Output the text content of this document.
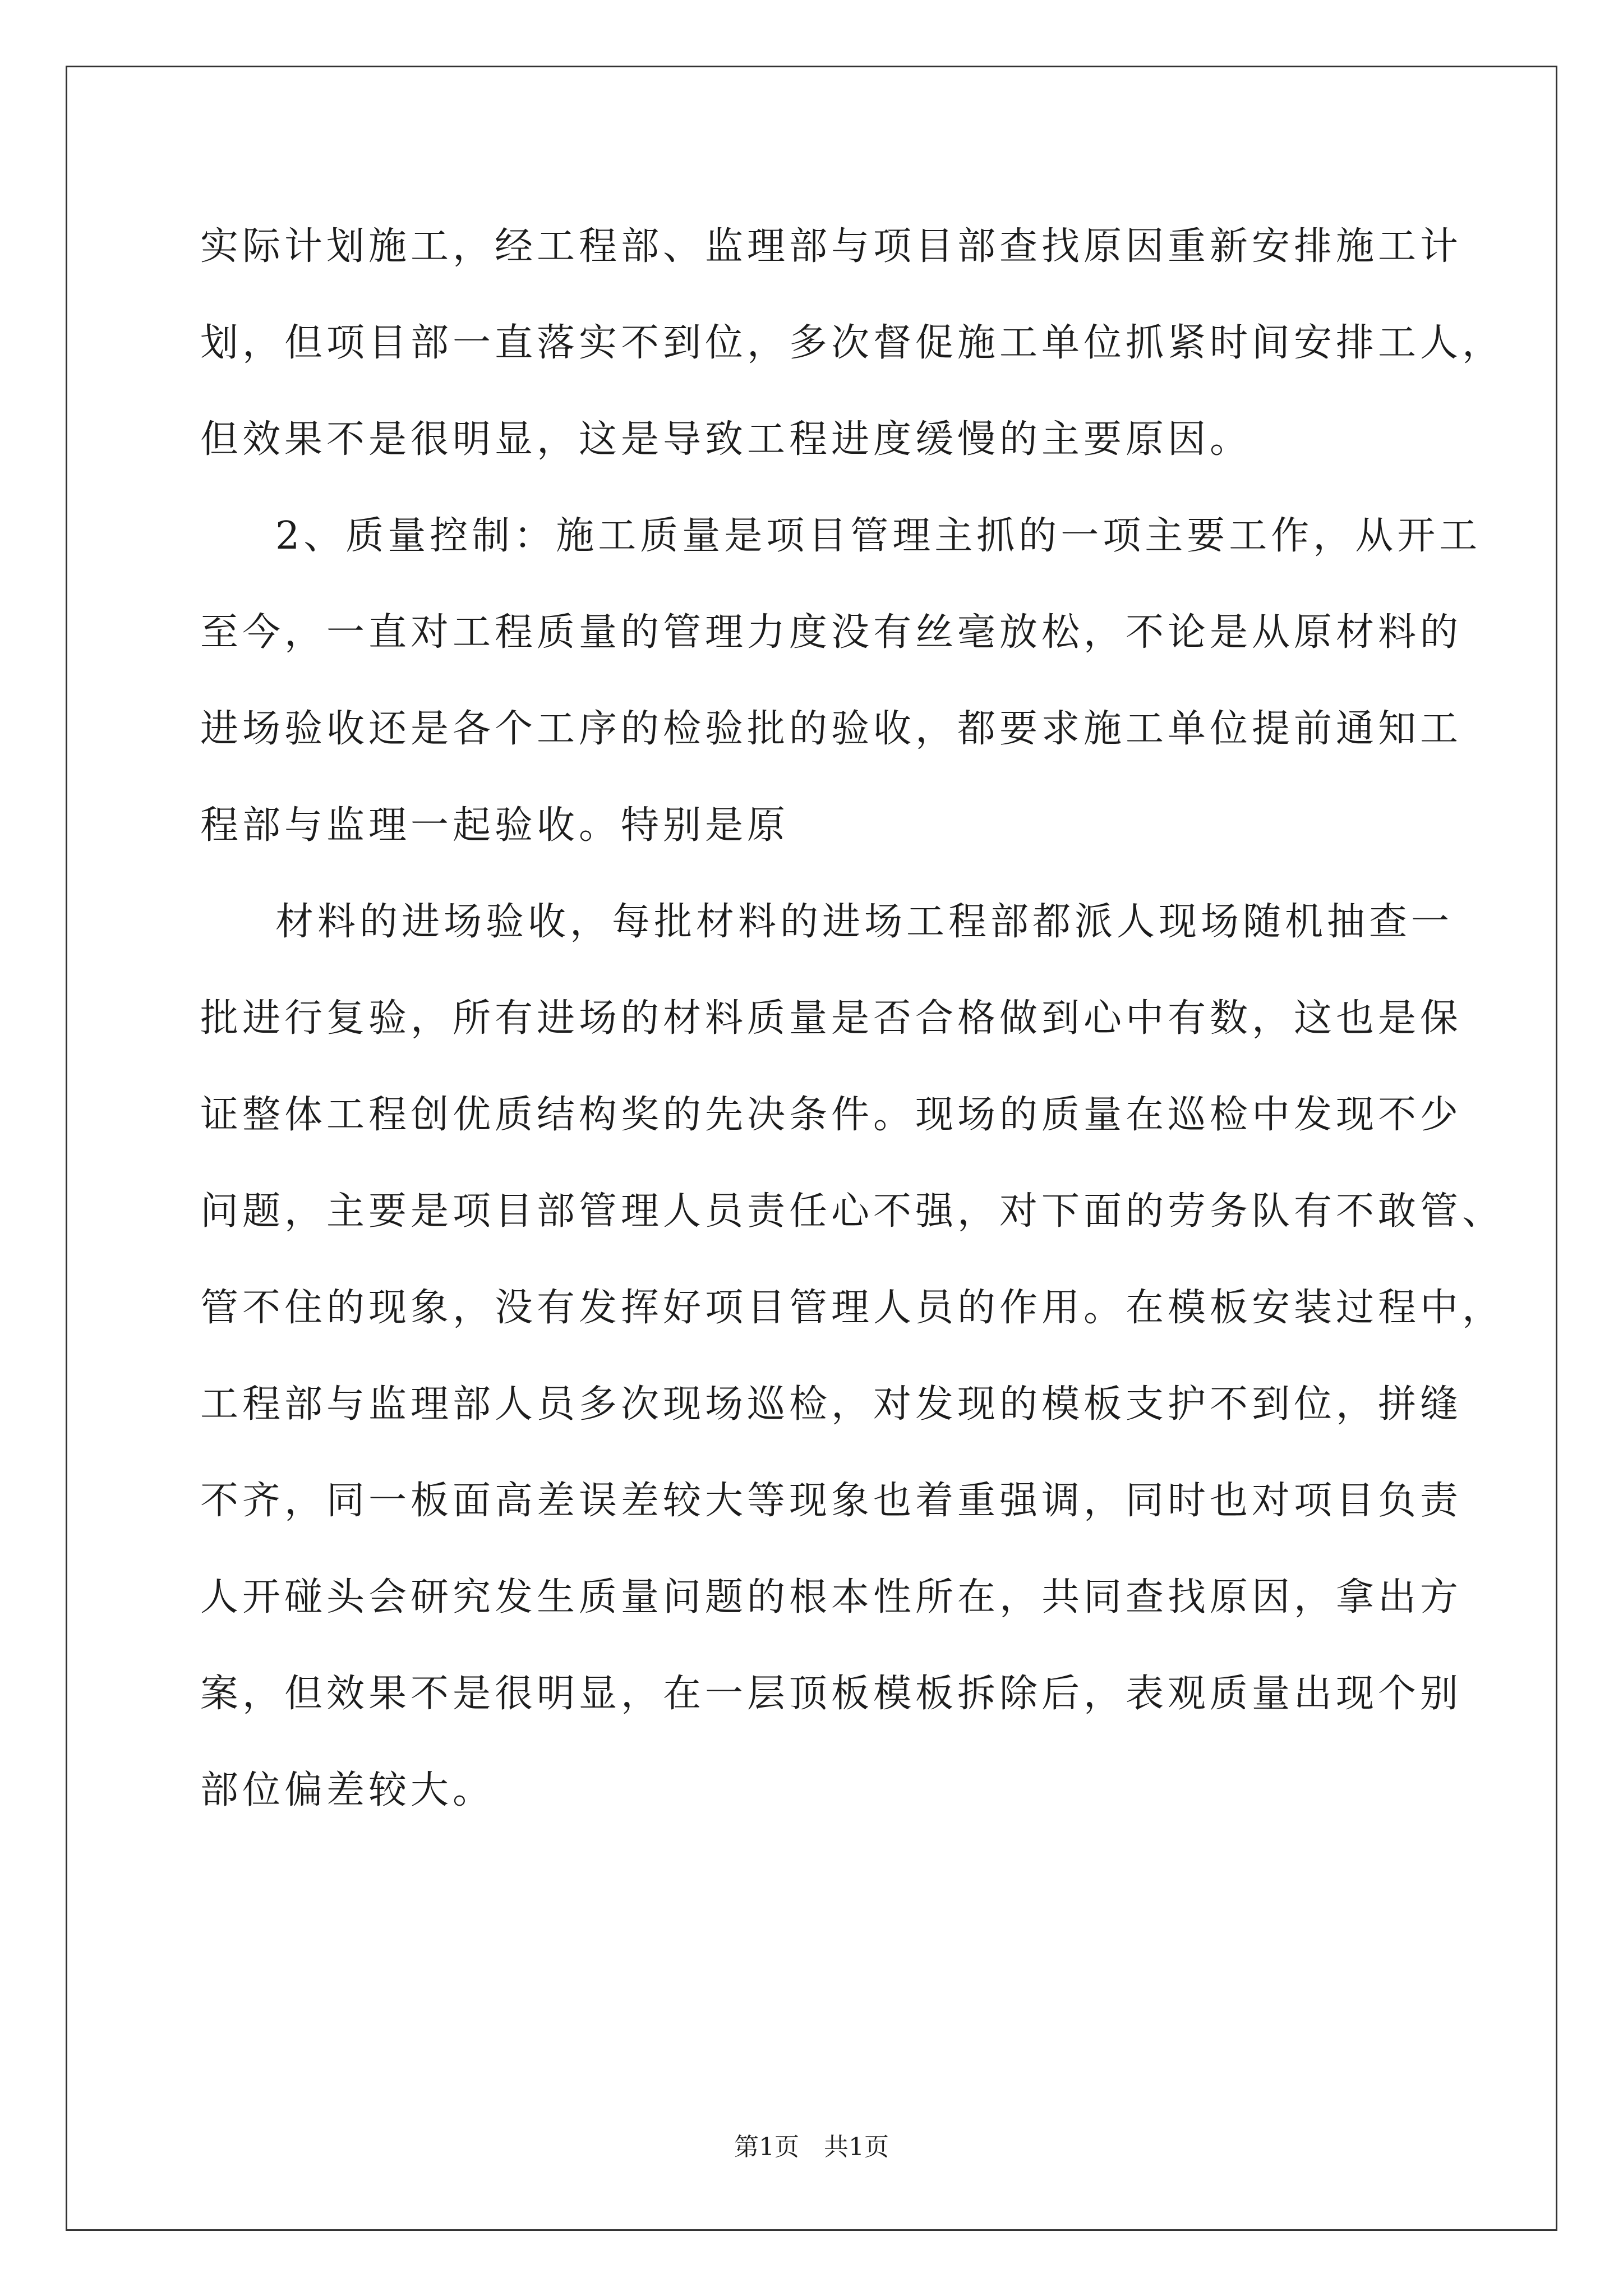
实际计划施工，经工程部、监理部与项目部查找原因重新安排施工计
划，但项目部一直落实不到位，多次督促施工单位抓紧时间安排工人，
但效果不是很明显，这是导致工程进度缓慢的主要原因。
2、质量控制：施工质量是项目管理主抓的一项主要工作，从开工
至今，一直对工程质量的管理力度没有丝毫放松，不论是从原材料的
进场验收还是各个工序的检验批的验收，都要求施工单位提前通知工
程部与监理一起验收。特别是原
材料的进场验收，每批材料的进场工程部都派人现场随机抽查一
批进行复验，所有进场的材料质量是否合格做到心中有数，这也是保
证整体工程创优质结构奖的先决条件。现场的质量在巡检中发现不少
问题，主要是项目部管理人员责任心不强，对下面的劳务队有不敢管、
管不住的现象，没有发挥好项目管理人员的作用。在模板安装过程中，
工程部与监理部人员多次现场巡检，对发现的模板支护不到位，拼缝
不齐，同一板面高差误差较大等现象也着重强调，同时也对项目负责
人开碰头会研究发生质量问题的根本性所在，共同查找原因，拿出方
案，但效果不是很明显，在一层顶板模板拆除后，表观质量出现个别
部位偏差较大。
第1页　共1页
